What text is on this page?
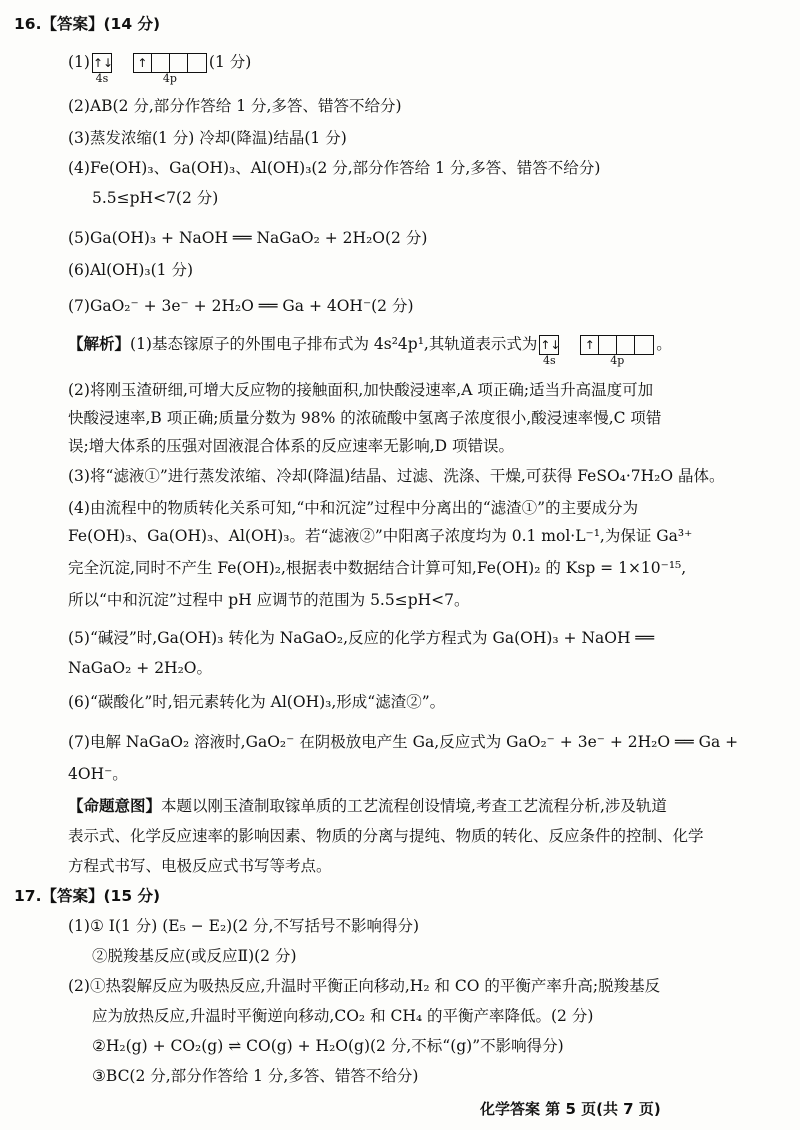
16.【答案】(14 分)
(1) ↑↓
4s

↑
4p
(1 分)
(2)AB(2 分,部分作答给 1 分,多答、错答不给分)
(3)蒸发浓缩(1 分) 冷却(降温)结晶(1 分)
(4)Fe(OH)₃、Ga(OH)₃、Al(OH)₃(2 分,部分作答给 1 分,多答、错答不给分)
5.5≤pH<7(2 分)
(5)Ga(OH)₃ + NaOH ══ NaGaO₂ + 2H₂O(2 分)
(6)Al(OH)₃(1 分)
(7)GaO₂⁻ + 3e⁻ + 2H₂O ══ Ga + 4OH⁻(2 分)
【解析】(1)基态镓原子的外围电子排布式为 4s²4p¹,其轨道表示式为 ↑↓
4s

↑
4p
。
(2)将刚玉渣研细,可增大反应物的接触面积,加快酸浸速率,A 项正确;适当升高温度可加
快酸浸速率,B 项正确;质量分数为 98% 的浓硫酸中氢离子浓度很小,酸浸速率慢,C 项错
误;增大体系的压强对固液混合体系的反应速率无影响,D 项错误。
(3)将“滤液①”进行蒸发浓缩、冷却(降温)结晶、过滤、洗涤、干燥,可获得 FeSO₄·7H₂O 晶体。
(4)由流程中的物质转化关系可知,“中和沉淀”过程中分离出的“滤渣①”的主要成分为
Fe(OH)₃、Ga(OH)₃、Al(OH)₃。若“滤液②”中阳离子浓度均为 0.1 mol·L⁻¹,为保证 Ga³⁺
完全沉淀,同时不产生 Fe(OH)₂,根据表中数据结合计算可知,Fe(OH)₂ 的 Ksp = 1×10⁻¹⁵,
所以“中和沉淀”过程中 pH 应调节的范围为 5.5≤pH<7。
(5)“碱浸”时,Ga(OH)₃ 转化为 NaGaO₂,反应的化学方程式为 Ga(OH)₃ + NaOH ══
NaGaO₂ + 2H₂O。
(6)“碳酸化”时,铝元素转化为 Al(OH)₃,形成“滤渣②”。
(7)电解 NaGaO₂ 溶液时,GaO₂⁻ 在阴极放电产生 Ga,反应式为 GaO₂⁻ + 3e⁻ + 2H₂O ══ Ga +
4OH⁻。
【命题意图】本题以刚玉渣制取镓单质的工艺流程创设情境,考查工艺流程分析,涉及轨道
表示式、化学反应速率的影响因素、物质的分离与提纯、物质的转化、反应条件的控制、化学
方程式书写、电极反应式书写等考点。
17.【答案】(15 分)
(1)① Ⅰ(1 分) (E₅ − E₂)(2 分,不写括号不影响得分)
②脱羧基反应(或反应Ⅱ)(2 分)
(2)①热裂解反应为吸热反应,升温时平衡正向移动,H₂ 和 CO 的平衡产率升高;脱羧基反
应为放热反应,升温时平衡逆向移动,CO₂ 和 CH₄ 的平衡产率降低。(2 分)
②H₂(g) + CO₂(g) ⇌ CO(g) + H₂O(g)(2 分,不标“(g)”不影响得分)
③BC(2 分,部分作答给 1 分,多答、错答不给分)
化学答案 第 5 页(共 7 页)
